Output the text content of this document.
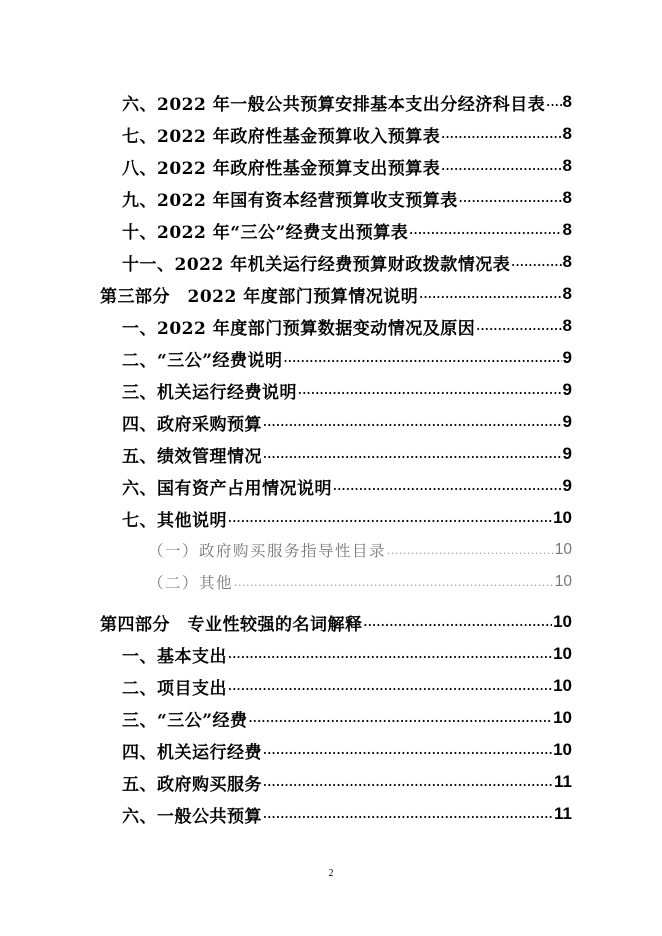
六、2022 年一般公共预算安排基本支出分经济科目表 ..... 8
七、2022 年政府性基金预算收入预算表 .....	8
八、2022 年政府性基金预算支出预算表 .....	8
九、2022 年国有资本经营预算收支预算表 .....	8
十、2022 年“三公”经费支出预算表 .....	8
十一、2022 年机关运行经费预算财政拨款情况表 .....	8
第三部分　2022 年度部门预算情况说明 .....	8
一、2022 年度部门预算数据变动情况及原因 .....	8
二、“三公”经费说明 .....	9
三、机关运行经费说明 .....	9
四、政府采购预算 .....	9
五、绩效管理情况 .....	9
六、国有资产占用情况说明 .....	9
七、其他说明 .....	10
（一）政府购买服务指导性目录 .....	10
（二）其他 .....	10
第四部分　专业性较强的名词解释 .....	10
一、基本支出 .....	10
二、项目支出 .....	10
三、“三公”经费 .....	10
四、机关运行经费 .....	10
五、政府购买服务 .....	11
六、一般公共预算 .....	11
2
